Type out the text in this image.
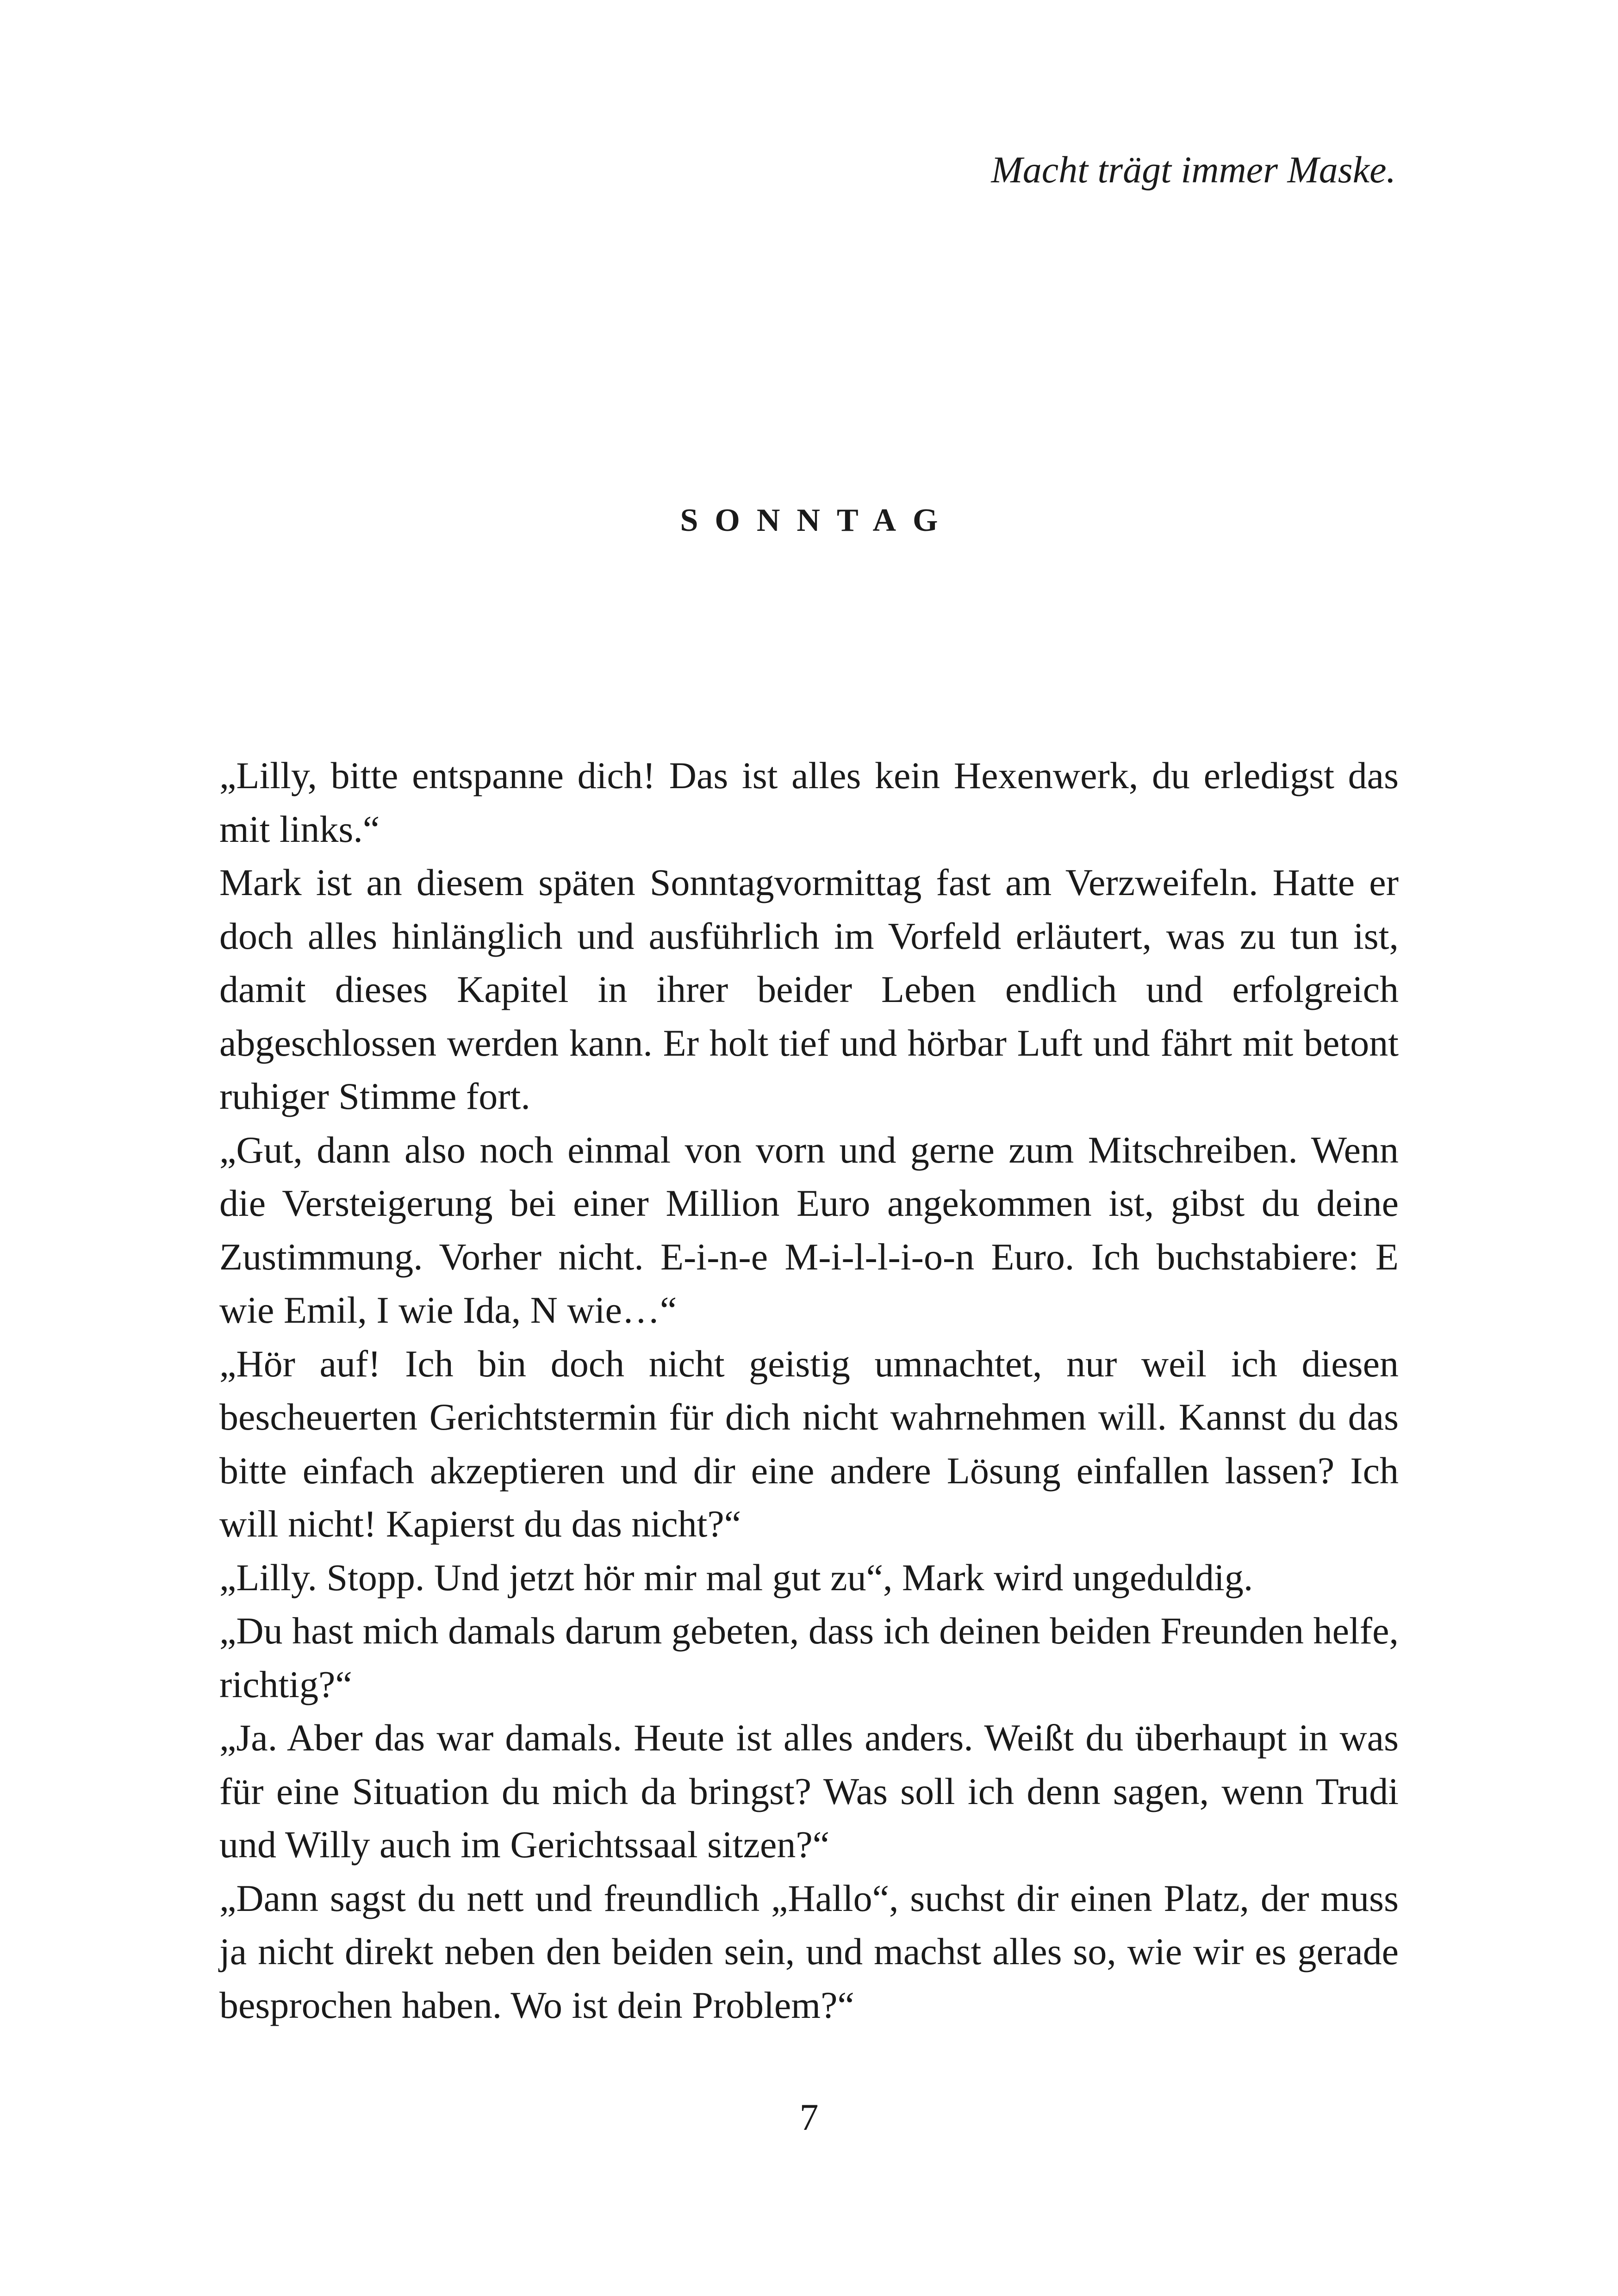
Macht trägt immer Maske.

SONNTAG

„Lilly, bitte entspanne dich! Das ist alles kein Hexenwerk, du erledigst das mit links.“

Mark ist an diesem späten Sonntagvormittag fast am Verzweifeln. Hatte er doch alles hinlänglich und ausführlich im Vorfeld erläutert, was zu tun ist, damit dieses Kapitel in ihrer beider Leben endlich und erfolgreich abgeschlossen werden kann. Er holt tief und hörbar Luft und fährt mit betont ruhiger Stimme fort.

„Gut, dann also noch einmal von vorn und gerne zum Mitschreiben. Wenn die Versteigerung bei einer Million Euro angekommen ist, gibst du deine Zustimmung. Vorher nicht. E-i-n-e M-i-l-l-i-o-n Euro. Ich buchstabiere: E wie Emil, I wie Ida, N wie…“

„Hör auf! Ich bin doch nicht geistig umnachtet, nur weil ich diesen bescheuerten Gerichtstermin für dich nicht wahrnehmen will. Kannst du das bitte einfach akzeptieren und dir eine andere Lösung einfallen lassen? Ich will nicht! Kapierst du das nicht?“

„Lilly. Stopp. Und jetzt hör mir mal gut zu“, Mark wird ungeduldig.

„Du hast mich damals darum gebeten, dass ich deinen beiden Freunden helfe, richtig?“

„Ja. Aber das war damals. Heute ist alles anders. Weißt du überhaupt in was für eine Situation du mich da bringst? Was soll ich denn sagen, wenn Trudi und Willy auch im Gerichtssaal sitzen?“

„Dann sagst du nett und freundlich „Hallo“, suchst dir einen Platz, der muss ja nicht direkt neben den beiden sein, und machst alles so, wie wir es gerade besprochen haben. Wo ist dein Problem?“

7
